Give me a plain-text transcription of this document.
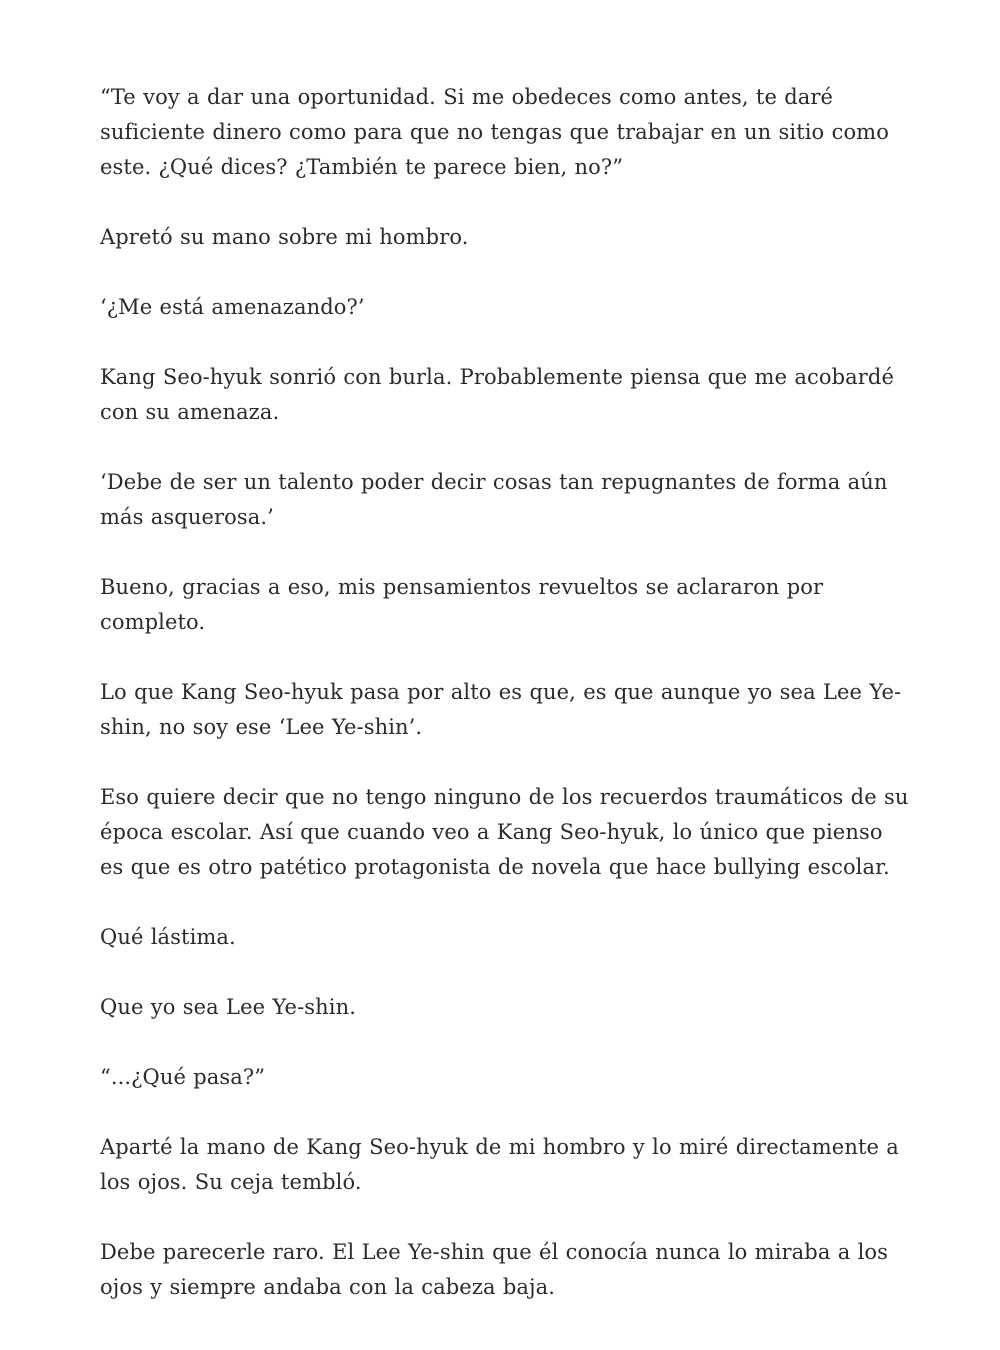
“Te voy a dar una oportunidad. Si me obedeces como antes, te daré suficiente dinero como para que no tengas que trabajar en un sitio como este. ¿Qué dices? ¿También te parece bien, no?”

Apretó su mano sobre mi hombro.

‘¿Me está amenazando?’

Kang Seo-hyuk sonrió con burla. Probablemente piensa que me acobardé con su amenaza.

‘Debe de ser un talento poder decir cosas tan repugnantes de forma aún más asquerosa.’

Bueno, gracias a eso, mis pensamientos revueltos se aclararon por completo.

Lo que Kang Seo-hyuk pasa por alto es que, es que aunque yo sea Lee Ye-shin, no soy ese ‘Lee Ye-shin’.

Eso quiere decir que no tengo ninguno de los recuerdos traumáticos de su época escolar. Así que cuando veo a Kang Seo-hyuk, lo único que pienso es que es otro patético protagonista de novela que hace bullying escolar.

Qué lástima.

Que yo sea Lee Ye-shin.

“...¿Qué pasa?”

Aparté la mano de Kang Seo-hyuk de mi hombro y lo miré directamente a los ojos. Su ceja tembló.

Debe parecerle raro. El Lee Ye-shin que él conocía nunca lo miraba a los ojos y siempre andaba con la cabeza baja.
